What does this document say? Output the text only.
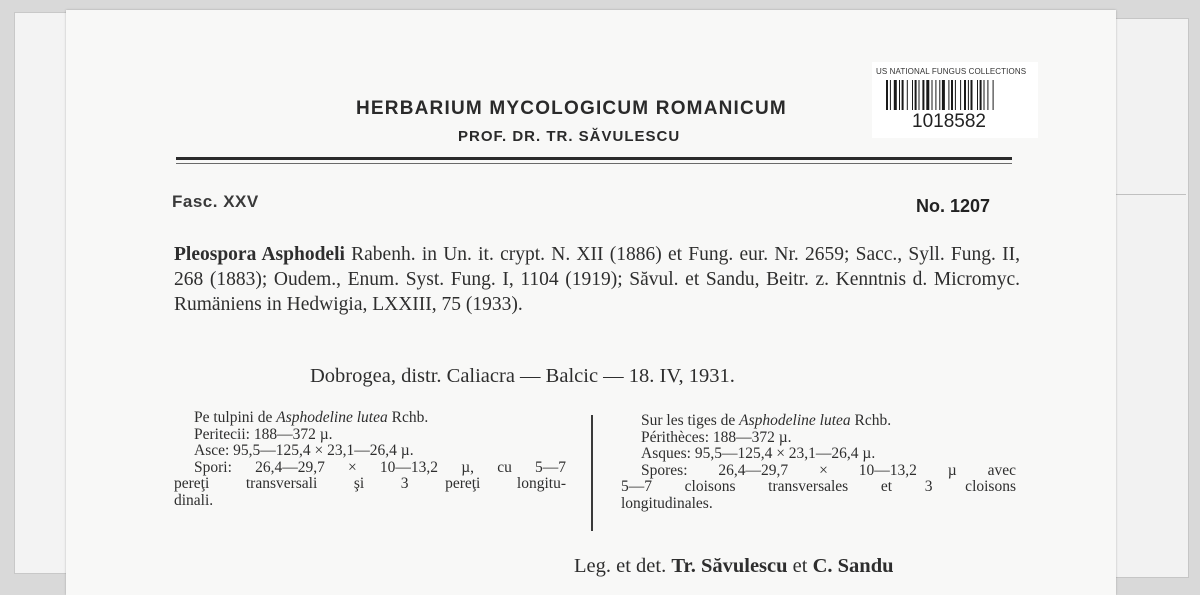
HERBARIUM MYCOLOGICUM ROMANICUM
PROF. DR. TR. SĂVULESCU
US NATIONAL FUNGUS COLLECTIONS
1018582
Fasc. XXV	No. 1207
Pleospora Asphodeli Rabenh. in Un. it. crypt. N. XII (1886) et Fung. eur. Nr. 2659; Sacc., Syll. Fung. II, 268 (1883); Oudem., Enum. Syst. Fung. I, 1104 (1919); Săvul. et Sandu, Beitr. z. Kenntnis d. Micromyc. Rumäniens in Hedwigia, LXXIII, 75 (1933).
Dobrogea, distr. Caliacra — Balcic — 18. IV, 1931.
Pe tulpini de Asphodeline lutea Rchb.
Peritecii: 188—372 µ.
Asce: 95,5—125,4 × 23,1—26,4 µ.
Spori: 26,4—29,7 × 10—13,2 µ, cu 5—7
pereţi transversali şi 3 pereţi longitu-
dinali.
Sur les tiges de Asphodeline lutea Rchb.
Périthèces: 188—372 µ.
Asques: 95,5—125,4 × 23,1—26,4 µ.
Spores: 26,4—29,7 × 10—13,2 µ avec
5—7 cloisons transversales et 3 cloisons
longitudinales.
Leg. et det. Tr. Săvulescu et C. Sandu
